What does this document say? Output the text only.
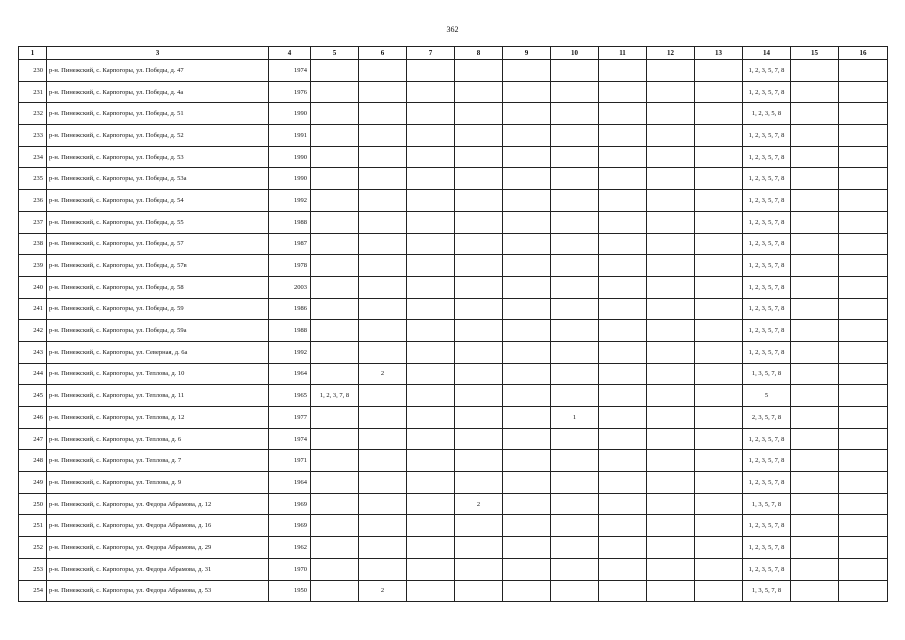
362
1	3	4	5	6	7	8	9	10	11	12	13	14	15	16
230	р-н. Пинежский, с. Карпогоры, ул. Победы, д. 47	1974										1, 2, 3, 5, 7, 8		
231	р-н. Пинежский, с. Карпогоры, ул. Победы, д. 4а	1976										1, 2, 3, 5, 7, 8		
232	р-н. Пинежский, с. Карпогоры, ул. Победы, д. 51	1990										1, 2, 3, 5, 8		
233	р-н. Пинежский, с. Карпогоры, ул. Победы, д. 52	1991										1, 2, 3, 5, 7, 8		
234	р-н. Пинежский, с. Карпогоры, ул. Победы, д. 53	1990										1, 2, 3, 5, 7, 8		
235	р-н. Пинежский, с. Карпогоры, ул. Победы, д. 53а	1990										1, 2, 3, 5, 7, 8		
236	р-н. Пинежский, с. Карпогоры, ул. Победы, д. 54	1992										1, 2, 3, 5, 7, 8		
237	р-н. Пинежский, с. Карпогоры, ул. Победы, д. 55	1988										1, 2, 3, 5, 7, 8		
238	р-н. Пинежский, с. Карпогоры, ул. Победы, д. 57	1987										1, 2, 3, 5, 7, 8		
239	р-н. Пинежский, с. Карпогоры, ул. Победы, д. 57в	1978										1, 2, 3, 5, 7, 8		
240	р-н. Пинежский, с. Карпогоры, ул. Победы, д. 58	2003										1, 2, 3, 5, 7, 8		
241	р-н. Пинежский, с. Карпогоры, ул. Победы, д. 59	1986										1, 2, 3, 5, 7, 8		
242	р-н. Пинежский, с. Карпогоры, ул. Победы, д. 59а	1988										1, 2, 3, 5, 7, 8		
243	р-н. Пинежский, с. Карпогоры, ул. Северная, д. 6а	1992										1, 2, 3, 5, 7, 8		
244	р-н. Пинежский, с. Карпогоры, ул. Теплова, д. 10	1964		2								1, 3, 5, 7, 8		
245	р-н. Пинежский, с. Карпогоры, ул. Теплова, д. 11	1965	1, 2, 3, 7, 8									5		
246	р-н. Пинежский, с. Карпогоры, ул. Теплова, д. 12	1977						1				2, 3, 5, 7, 8		
247	р-н. Пинежский, с. Карпогоры, ул. Теплова, д. 6	1974										1, 2, 3, 5, 7, 8		
248	р-н. Пинежский, с. Карпогоры, ул. Теплова, д. 7	1971										1, 2, 3, 5, 7, 8		
249	р-н. Пинежский, с. Карпогоры, ул. Теплова, д. 9	1964										1, 2, 3, 5, 7, 8		
250	р-н. Пинежский, с. Карпогоры, ул. Федора Абрамова, д. 12	1969				2						1, 3, 5, 7, 8		
251	р-н. Пинежский, с. Карпогоры, ул. Федора Абрамова, д. 16	1969										1, 2, 3, 5, 7, 8		
252	р-н. Пинежский, с. Карпогоры, ул. Федора Абрамова, д. 29	1962										1, 2, 3, 5, 7, 8		
253	р-н. Пинежский, с. Карпогоры, ул. Федора Абрамова, д. 31	1970										1, 2, 3, 5, 7, 8		
254	р-н. Пинежский, с. Карпогоры, ул. Федора Абрамова, д. 53	1950		2								1, 3, 5, 7, 8		
